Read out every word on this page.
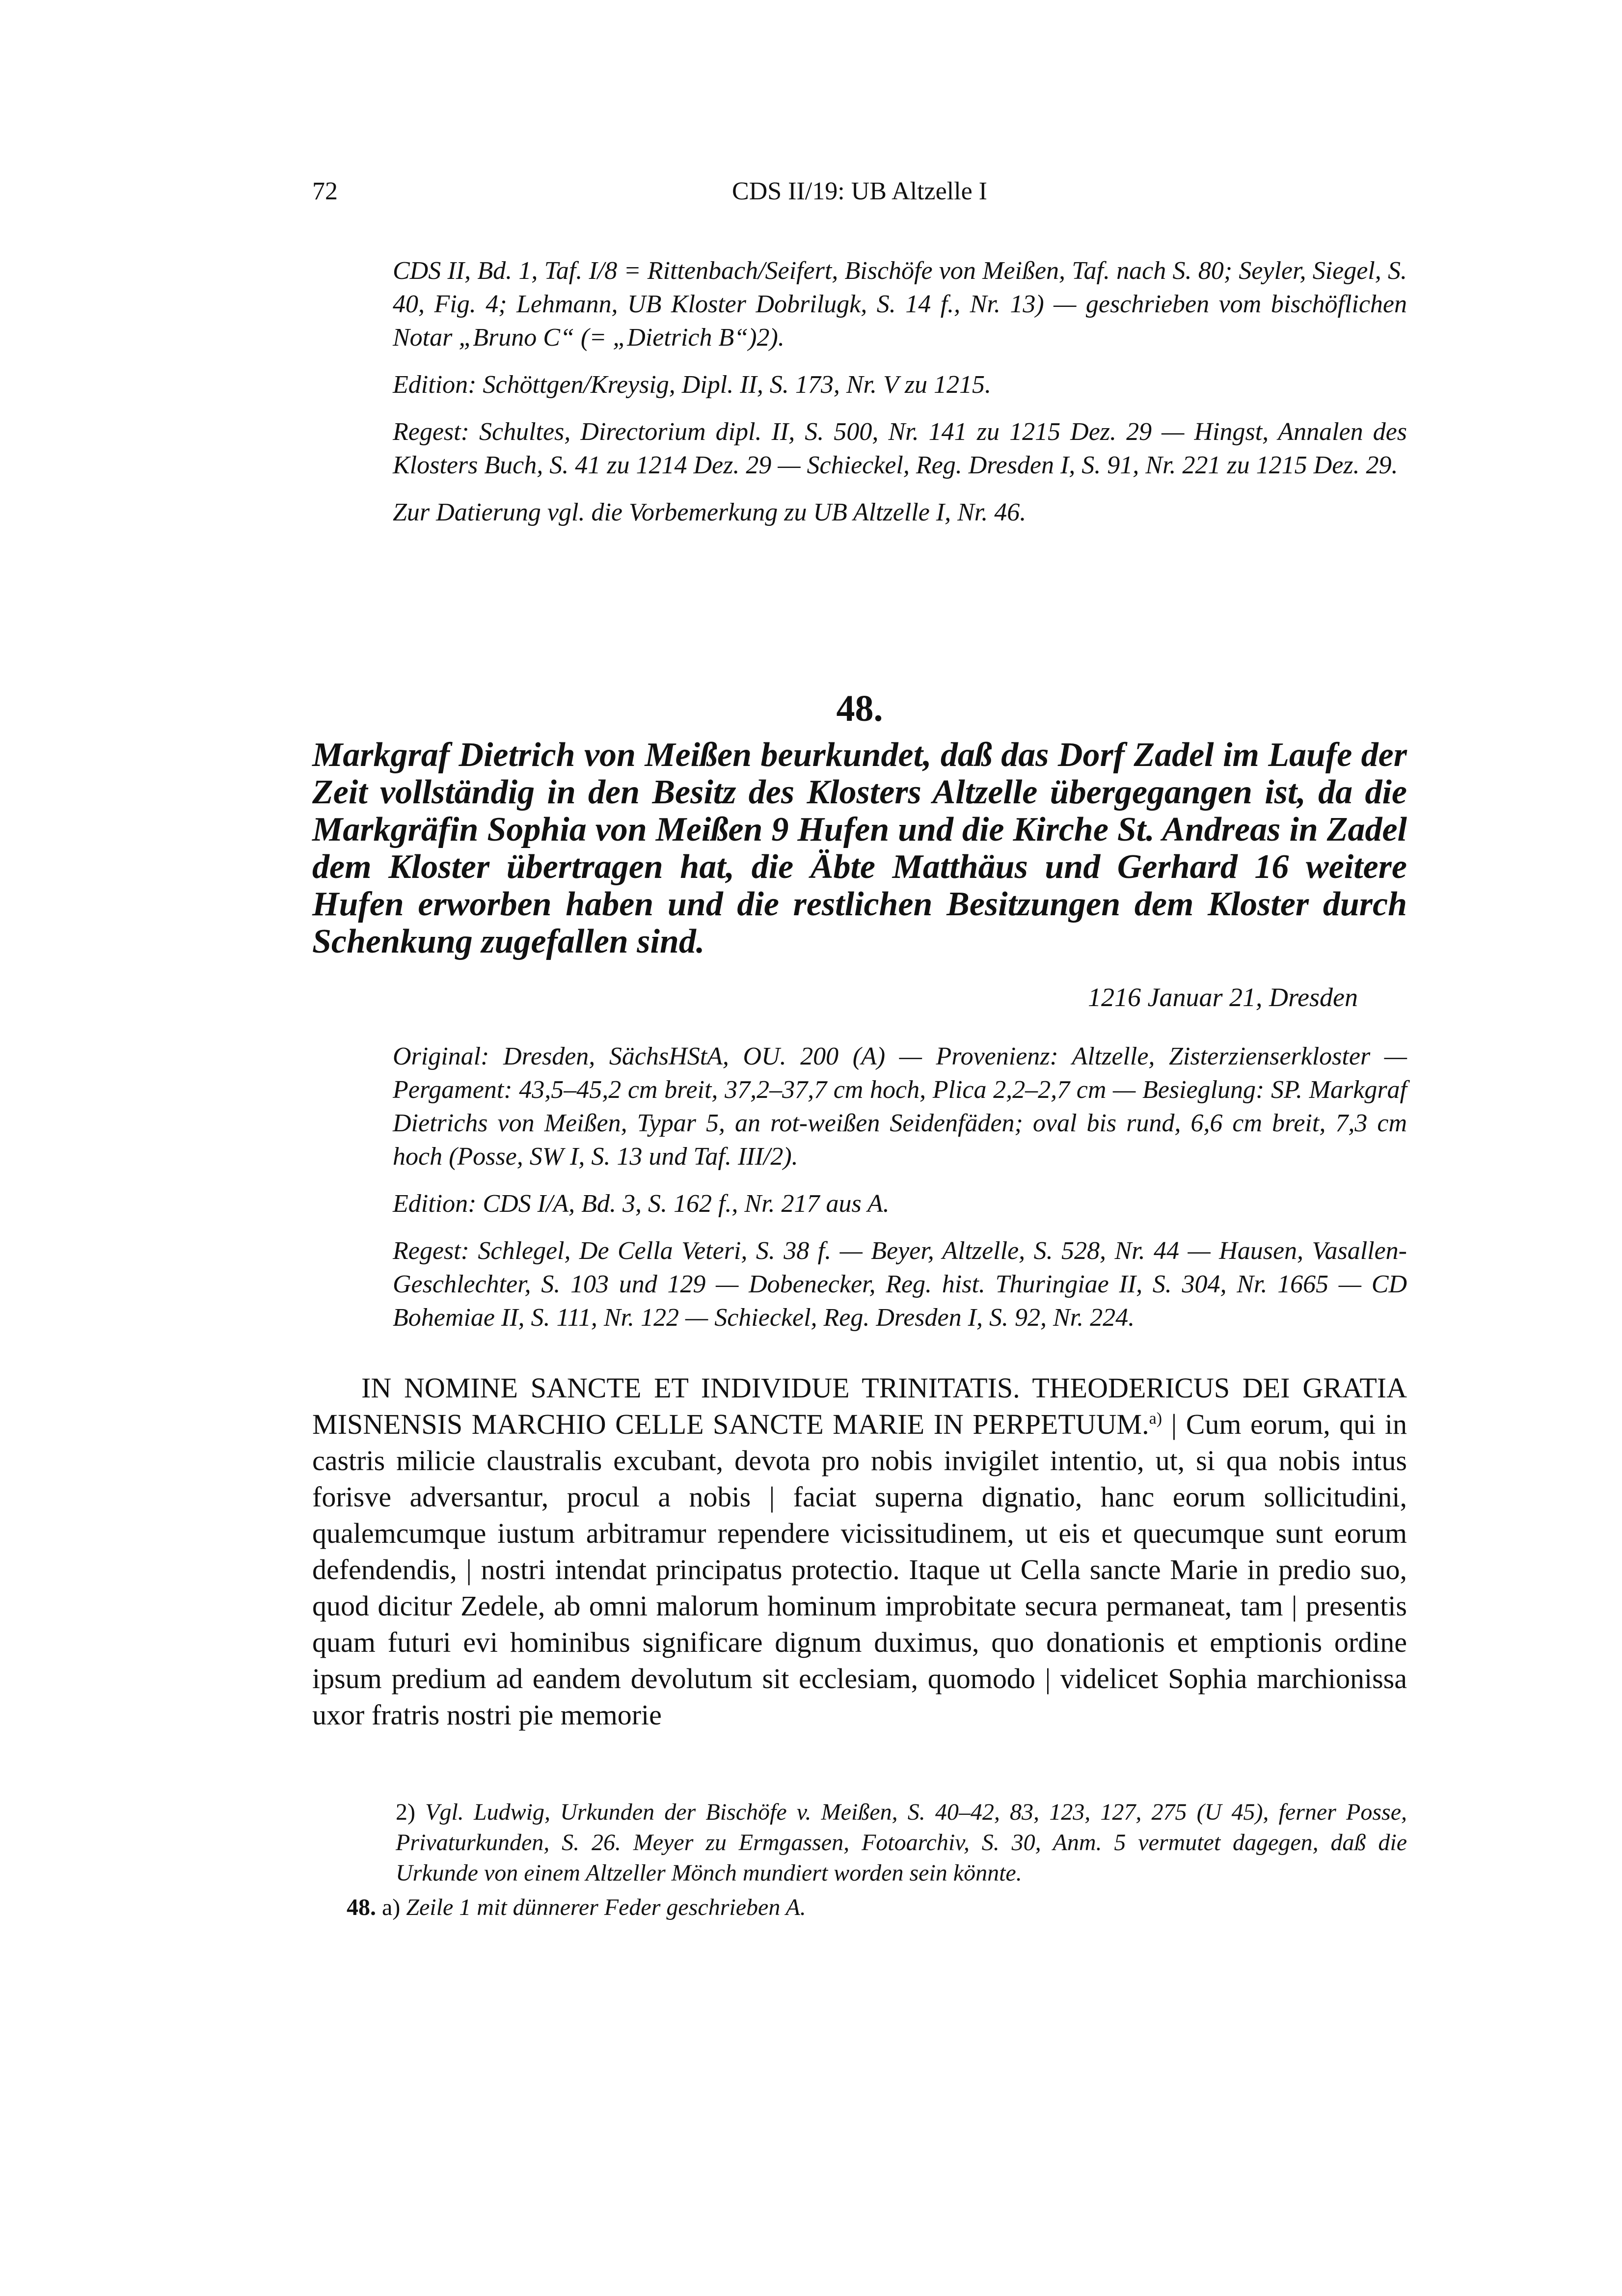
72	CDS II/19: UB Altzelle I

CDS II, Bd. 1, Taf. I/8 = Rittenbach/Seifert, Bischöfe von Meißen, Taf. nach S. 80; Seyler, Siegel, S. 40, Fig. 4; Lehmann, UB Kloster Dobrilugk, S. 14 f., Nr. 13) — geschrieben vom bischöflichen Notar „Bruno C“ (= „Dietrich B“)2).

Edition: Schöttgen/Kreysig, Dipl. II, S. 173, Nr. V zu 1215.

Regest: Schultes, Directorium dipl. II, S. 500, Nr. 141 zu 1215 Dez. 29 — Hingst, Annalen des Klosters Buch, S. 41 zu 1214 Dez. 29 — Schieckel, Reg. Dresden I, S. 91, Nr. 221 zu 1215 Dez. 29.

Zur Datierung vgl. die Vorbemerkung zu UB Altzelle I, Nr. 46.

48.

Markgraf Dietrich von Meißen beurkundet, daß das Dorf Zadel im Laufe der Zeit vollständig in den Besitz des Klosters Altzelle übergegangen ist, da die Markgräfin Sophia von Meißen 9 Hufen und die Kirche St. Andreas in Zadel dem Kloster übertragen hat, die Äbte Matthäus und Gerhard 16 weitere Hufen erworben haben und die restlichen Besitzungen dem Kloster durch Schenkung zugefallen sind.

1216 Januar 21, Dresden

Original: Dresden, SächsHStA, OU. 200 (A) — Provenienz: Altzelle, Zisterzienserkloster — Pergament: 43,5–45,2 cm breit, 37,2–37,7 cm hoch, Plica 2,2–2,7 cm — Besieglung: SP. Markgraf Dietrichs von Meißen, Typar 5, an rot-weißen Seidenfäden; oval bis rund, 6,6 cm breit, 7,3 cm hoch (Posse, SW I, S. 13 und Taf. III/2).

Edition: CDS I/A, Bd. 3, S. 162 f., Nr. 217 aus A.

Regest: Schlegel, De Cella Veteri, S. 38 f. — Beyer, Altzelle, S. 528, Nr. 44 — Hausen, Vasallen-Geschlechter, S. 103 und 129 — Dobenecker, Reg. hist. Thuringiae II, S. 304, Nr. 1665 — CD Bohemiae II, S. 111, Nr. 122 — Schieckel, Reg. Dresden I, S. 92, Nr. 224.

IN NOMINE SANCTE ET INDIVIDUE TRINITATIS. THEODERICUS DEI GRATIA MISNENSIS MARCHIO CELLE SANCTE MARIE IN PERPETUUM.$^{a)}$ | Cum eorum, qui in castris milicie claustralis excubant, devota pro nobis invigilet intentio, ut, si qua nobis intus forisve adversantur, procul a nobis | faciat superna dignatio, hanc eorum sollicitudini, qualemcumque iustum arbitramur rependere vicissitudinem, ut eis et quecumque sunt eorum defendendis, | nostri intendat principatus protectio. Itaque ut Cella sancte Marie in predio suo, quod dicitur Zedele, ab omni malorum hominum improbitate secura permaneat, tam | presentis quam futuri evi hominibus significare dignum duximus, quo donationis et emptionis ordine ipsum predium ad eandem devolutum sit ecclesiam, quomodo | videlicet Sophia marchionissa uxor fratris nostri pie memorie

2) Vgl. Ludwig, Urkunden der Bischöfe v. Meißen, S. 40–42, 83, 123, 127, 275 (U 45), ferner Posse, Privaturkunden, S. 26. Meyer zu Ermgassen, Fotoarchiv, S. 30, Anm. 5 vermutet dagegen, daß die Urkunde von einem Altzeller Mönch mundiert worden sein könnte.

48. a) Zeile 1 mit dünnerer Feder geschrieben A.
